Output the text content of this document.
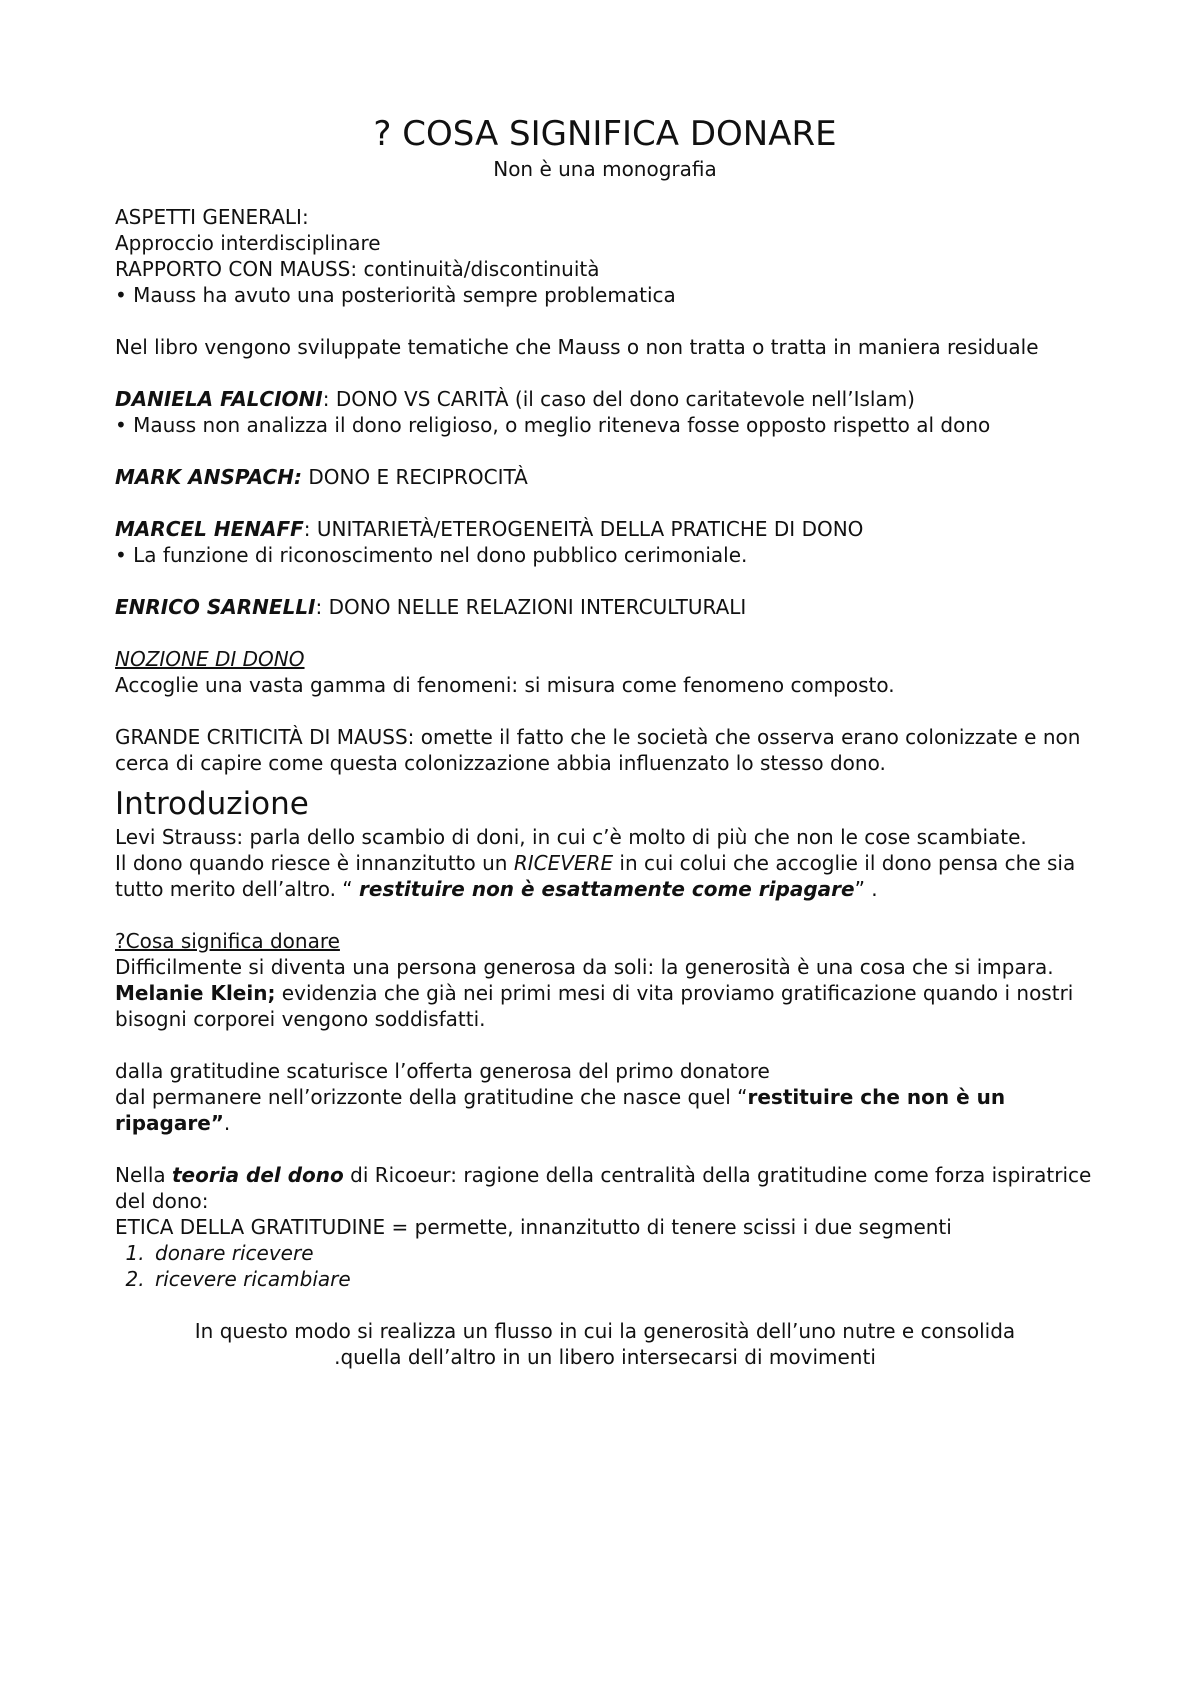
? COSA SIGNIFICA DONARE

Non è una monografia

ASPETTI GENERALI:

Approccio interdisciplinare

RAPPORTO CON MAUSS: continuità/discontinuità

• Mauss ha avuto una posteriorità sempre problematica

Nel libro vengono sviluppate tematiche che Mauss o non tratta o tratta in maniera residuale

DANIELA FALCIONI: DONO VS CARITÀ (il caso del dono caritatevole nell’Islam)

• Mauss non analizza il dono religioso, o meglio riteneva fosse opposto rispetto al dono

MARK ANSPACH: DONO E RECIPROCITÀ

MARCEL HENAFF: UNITARIETÀ/ETEROGENEITÀ DELLA PRATICHE DI DONO

• La funzione di riconoscimento nel dono pubblico cerimoniale.

ENRICO SARNELLI: DONO NELLE RELAZIONI INTERCULTURALI

NOZIONE DI DONO

Accoglie una vasta gamma di fenomeni: si misura come fenomeno composto.

GRANDE CRITICITÀ DI MAUSS: omette il fatto che le società che osserva erano colonizzate e non cerca di capire come questa colonizzazione abbia influenzato lo stesso dono.

Introduzione

Levi Strauss: parla dello scambio di doni, in cui c’è molto di più che non le cose scambiate.

Il dono quando riesce è innanzitutto un RICEVERE in cui colui che accoglie il dono pensa che sia tutto merito dell’altro. “ restituire non è esattamente come ripagare” .

?Cosa significa donare

Difficilmente si diventa una persona generosa da soli: la generosità è una cosa che si impara.

Melanie Klein; evidenzia che già nei primi mesi di vita proviamo gratificazione quando i nostri bisogni corporei vengono soddisfatti.

dalla gratitudine scaturisce l’offerta generosa del primo donatore

dal permanere nell’orizzonte della gratitudine che nasce quel “restituire che non è un ripagare”.

Nella teoria del dono di Ricoeur: ragione della centralità della gratitudine come forza ispiratrice del dono:

ETICA DELLA GRATITUDINE = permette, innanzitutto di tenere scissi i due segmenti

1. donare ricevere
2. ricevere ricambiare

In questo modo si realizza un flusso in cui la generosità dell’uno nutre e consolida

.quella dell’altro in un libero intersecarsi di movimenti
